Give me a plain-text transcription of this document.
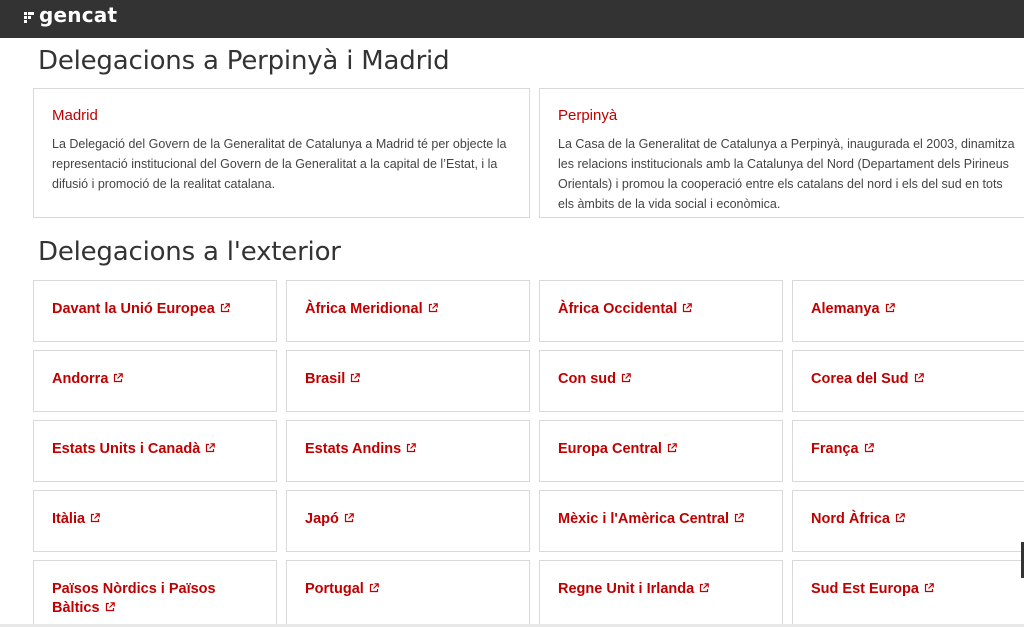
gencat
Delegacions a Perpinyà i Madrid
Madrid
La Delegació del Govern de la Generalitat de Catalunya a Madrid té per objecte la representació institucional del Govern de la Generalitat a la capital de l’Estat, i la difusió i promoció de la realitat catalana.
Perpinyà
La Casa de la Generalitat de Catalunya a Perpinyà, inaugurada el 2003, dinamitza les relacions institucionals amb la Catalunya del Nord (Departament dels Pirineus Orientals) i promou la cooperació entre els catalans del nord i els del sud en tots els àmbits de la vida social i econòmica.
Delegacions a l'exterior
Davant la Unió Europea	Àfrica Meridional	Àfrica Occidental	Alemanya
Andorra	Brasil	Con sud	Corea del Sud
Estats Units i Canadà	Estats Andins	Europa Central	França
Itàlia	Japó	Mèxic i l'Amèrica Central	Nord Àfrica
Països Nòrdics i Països Bàltics
Portugal	Regne Unit i Irlanda	Sud Est Europa
